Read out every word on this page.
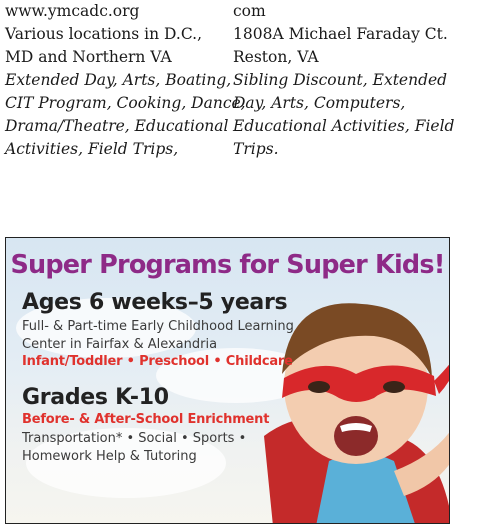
www.ymcadc.org
Various locations in D.C.,
MD and Northern VA
Extended Day, Arts, Boating,
CIT Program, Cooking, Dance,
Drama/Theatre, Educational
Activities, Field Trips,
com
1808A Michael Faraday Ct.
Reston, VA
Sibling Discount, Extended
Day, Arts, Computers,
Educational Activities, Field
Trips.
Super Programs for Super Kids!
Ages 6 weeks–5 years
Full- & Part-time Early Childhood Learning
Center in Fairfax & Alexandria
Infant/Toddler • Preschool • Childcare
Grades K-10
Before- & After-School Enrichment
Transportation* • Social • Sports •
Homework Help & Tutoring
